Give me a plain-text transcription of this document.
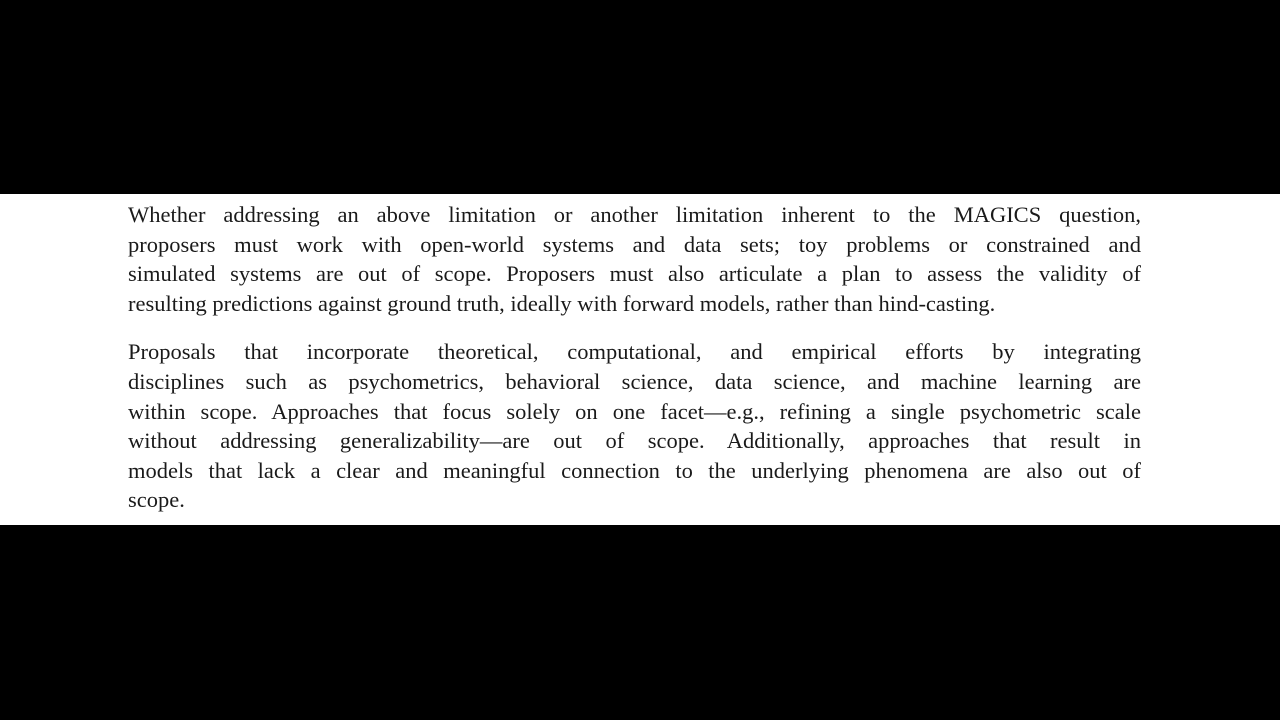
Whether addressing an above limitation or another limitation inherent to the MAGICS question,
proposers must work with open-world systems and data sets; toy problems or constrained and
simulated systems are out of scope. Proposers must also articulate a plan to assess the validity of
resulting predictions against ground truth, ideally with forward models, rather than hind-casting.

Proposals that incorporate theoretical, computational, and empirical efforts by integrating
disciplines such as psychometrics, behavioral science, data science, and machine learning are
within scope. Approaches that focus solely on one facet—e.g., refining a single psychometric scale
without addressing generalizability—are out of scope. Additionally, approaches that result in
models that lack a clear and meaningful connection to the underlying phenomena are also out of
scope.
